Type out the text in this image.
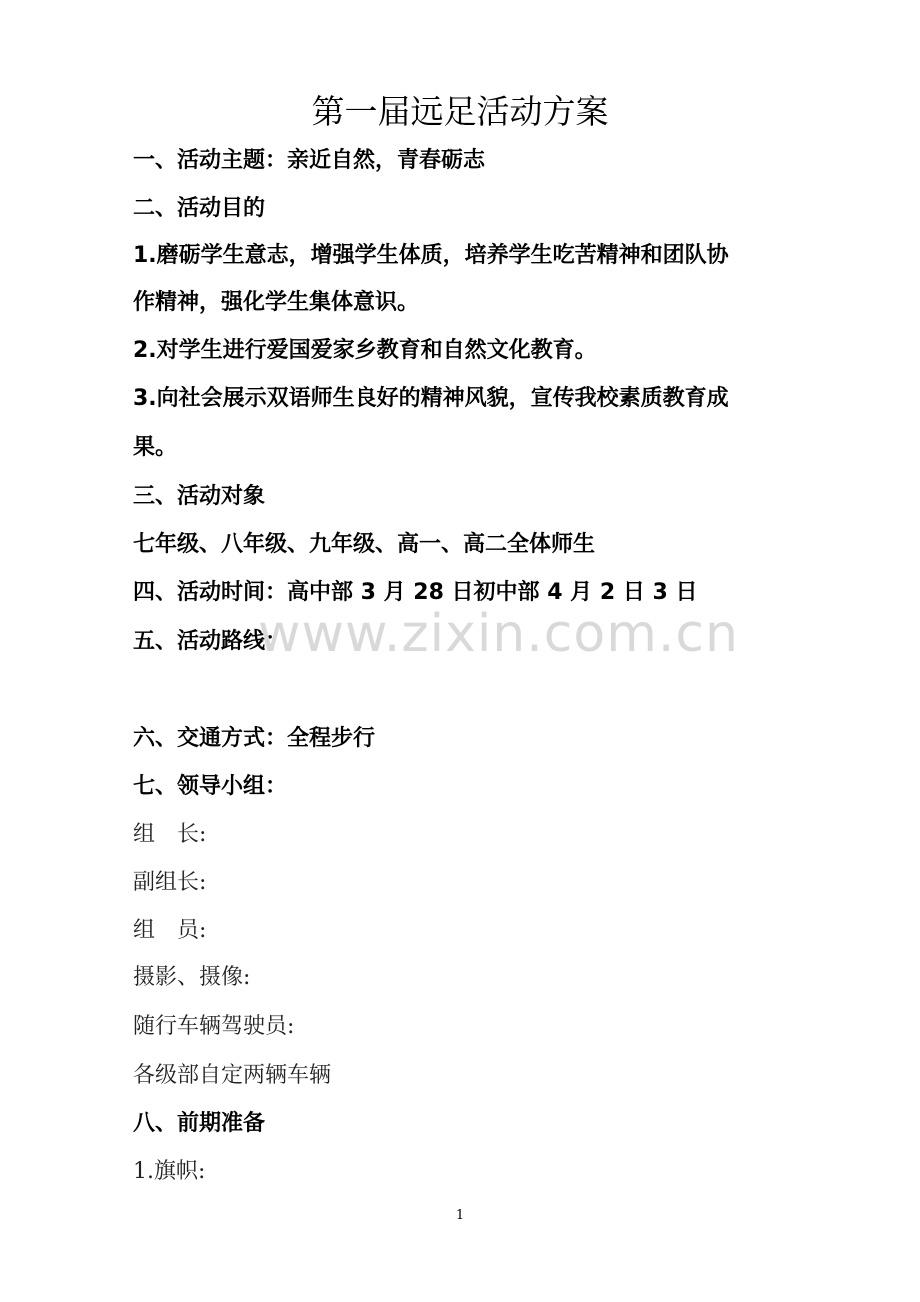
第一届远足活动方案
一、活动主题：亲近自然，青春砺志
二、活动目的
1.磨砺学生意志，增强学生体质，培养学生吃苦精神和团队协
作精神，强化学生集体意识。
2.对学生进行爱国爱家乡教育和自然文化教育。
3.向社会展示双语师生良好的精神风貌，宣传我校素质教育成
果。
三、活动对象
七年级、八年级、九年级、高一、高二全体师生
四、活动时间：高中部 3 月 28 日初中部 4 月 2 日 3 日
五、活动路线：
www.zixin.com.cn
六、交通方式：全程步行
七、领导小组：
组　长:
副组长:
组　员:
摄影、摄像:
随行车辆驾驶员:
各级部自定两辆车辆
八、前期准备
1.旗帜:
1
